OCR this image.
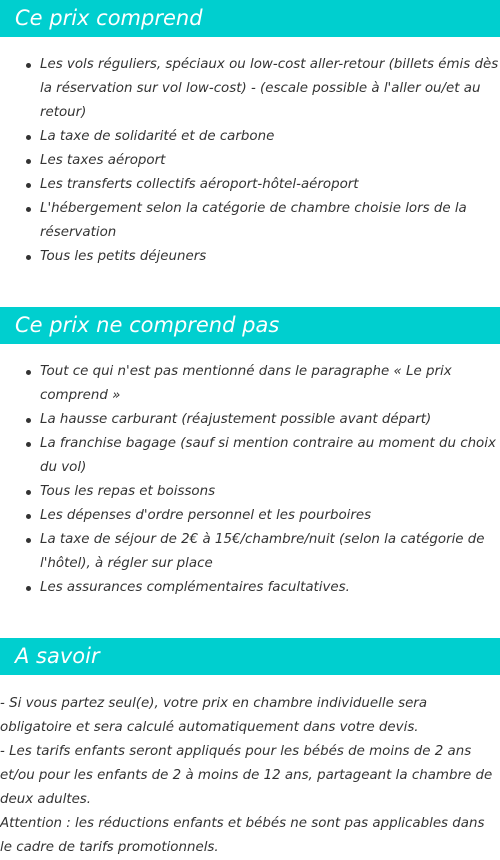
Ce prix comprend
Les vols réguliers, spéciaux ou low-cost aller-retour (billets émis dès la réservation sur vol low-cost) - (escale possible à l'aller ou/et au retour)
La taxe de solidarité et de carbone
Les taxes aéroport
Les transferts collectifs aéroport-hôtel-aéroport
L'hébergement selon la catégorie de chambre choisie lors de la réservation
Tous les petits déjeuners
Ce prix ne comprend pas
Tout ce qui n'est pas mentionné dans le paragraphe « Le prix comprend »
La hausse carburant (réajustement possible avant départ)
La franchise bagage (sauf si mention contraire au moment du choix du vol)
Tous les repas et boissons
Les dépenses d'ordre personnel et les pourboires
La taxe de séjour de 2€ à 15€/chambre/nuit (selon la catégorie de l'hôtel), à régler sur place
Les assurances complémentaires facultatives.
A savoir

- Si vous partez seul(e), votre prix en chambre individuelle sera obligatoire et sera calculé automatiquement dans votre devis.

- Les tarifs enfants seront appliqués pour les bébés de moins de 2 ans et/ou pour les enfants de 2 à moins de 12 ans, partageant la chambre de deux adultes.

Attention : les réductions enfants et bébés ne sont pas applicables dans le cadre de tarifs promotionnels.
